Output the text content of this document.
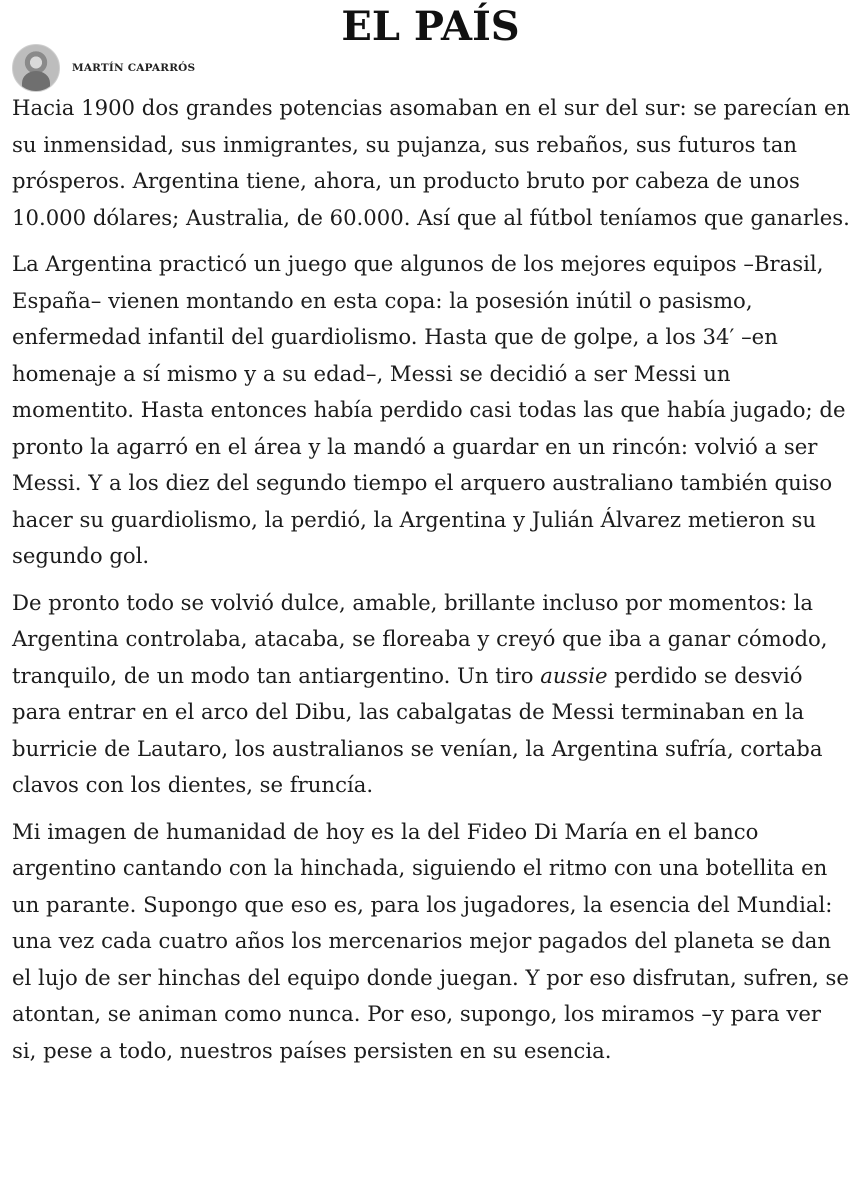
EL PAÍS
MARTÍN CAPARRÓS

Hacia 1900 dos grandes potencias asomaban en el sur del sur: se parecían en su inmensidad, sus inmigrantes, su pujanza, sus rebaños, sus futuros tan prósperos. Argentina tiene, ahora, un producto bruto por cabeza de unos 10.000 dólares; Australia, de 60.000. Así que al fútbol teníamos que ganarles.

La Argentina practicó un juego que algunos de los mejores equipos –Brasil, España– vienen montando en esta copa: la posesión inútil o pasismo, enfermedad infantil del guardiolismo. Hasta que de golpe, a los 34′ –en homenaje a sí mismo y a su edad–, Messi se decidió a ser Messi un momentito. Hasta entonces había perdido casi todas las que había jugado; de pronto la agarró en el área y la mandó a guardar en un rincón: volvió a ser Messi. Y a los diez del segundo tiempo el arquero australiano también quiso hacer su guardiolismo, la perdió, la Argentina y Julián Álvarez metieron su segundo gol.

De pronto todo se volvió dulce, amable, brillante incluso por momentos: la Argentina controlaba, atacaba, se floreaba y creyó que iba a ganar cómodo, tranquilo, de un modo tan antiargentino. Un tiro aussie perdido se desvió para entrar en el arco del Dibu, las cabalgatas de Messi terminaban en la burricie de Lautaro, los australianos se venían, la Argentina sufría, cortaba clavos con los dientes, se fruncía.

Mi imagen de humanidad de hoy es la del Fideo Di María en el banco argentino cantando con la hinchada, siguiendo el ritmo con una botellita en un parante. Supongo que eso es, para los jugadores, la esencia del Mundial: una vez cada cuatro años los mercenarios mejor pagados del planeta se dan el lujo de ser hinchas del equipo donde juegan. Y por eso disfrutan, sufren, se atontan, se animan como nunca. Por eso, supongo, los miramos –y para ver si, pese a todo, nuestros países persisten en su esencia.
